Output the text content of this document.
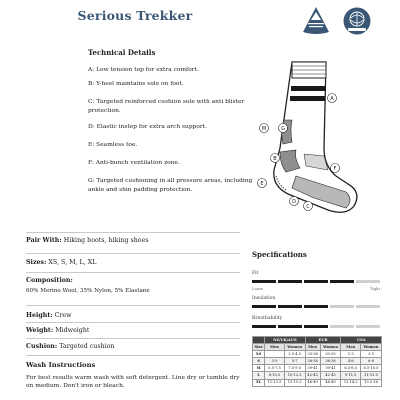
Serious Trekker
Technical Details

A: Low tension top for extra comfort.

B: Y-heel maintains sole on foot.

C: Targeted reinforced cushion sole with anti blister protection.

D: Elastic instep for extra arch support.

E: Seamless toe.

F: Anti-bunch ventilation zone.

G: Targeted cushioning in all pressure areas, including ankle and shin padding protection.

A
G
M
F
B
E
D
C
Pair With: Hiking boots, hiking shoes
Sizes: XS, S, M, L, XL
Composition:
60% Merino Wool, 35% Nylon, 5% Elastane
Height: Crew
Weight: Midweight
Cushion: Targeted cushion
Specifications
Fit
Loose	Tight
Insulation
Breathability
	NZ/UK/AUS		EUR		USA	
Size	Men	Women	Men	Women	Men	Women
XS		2.5-4.5	35-38	33-35	1-3	3-5
S	3-5	5-7	36-38	36-38	4-6	6-8
M	5.5-7.5	7.5-9.5	39-41	39-41	6.5-8.5	8.5-10.5
L	8-10.5	10-12.5	42-45	42-45	9-11.5	11-13.5
XL	11-13.5	13-15.5	46-49	46-49	12-14.5	13.5-16
Wash Instructions
For best results warm wash with soft detergent. Line dry or tumble dry on medium. Don't iron or bleach.
